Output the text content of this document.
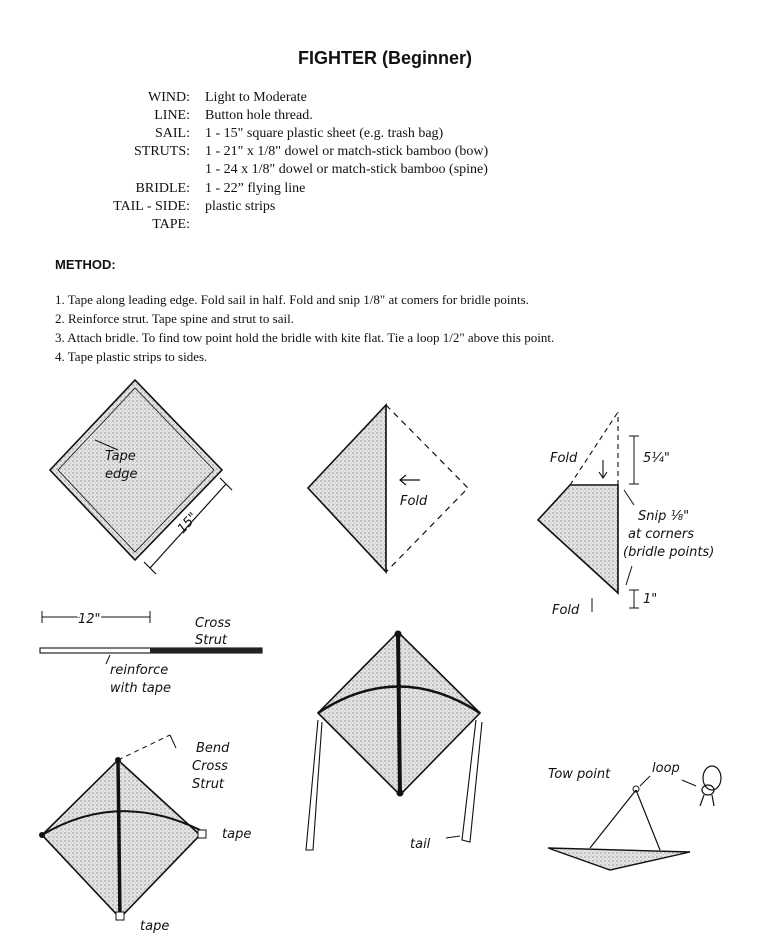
FIGHTER (Beginner)
WIND: Light to Moderate
LINE: Button hole thread.
SAIL: 1 - 15" square plastic sheet (e.g. trash bag)
STRUTS: 1 - 21" x 1/8" dowel or match-stick bamboo (bow)
1 - 24 x 1/8" dowel or match-stick bamboo (spine)
BRIDLE: 1 - 22” flying line
TAIL - SIDE: plastic strips
TAPE:
METHOD:
1. Tape along leading edge. Fold sail in half. Fold and snip 1/8" at comers for bridle points.
2. Reinforce strut. Tape spine and strut to sail.
3. Attach bridle. To find tow point hold the bridle with kite flat. Tie a loop 1/2" above this point.
4. Tape plastic strips to sides.
Tape
edge
15"
Fold
Fold	5¼"
Snip ⅛"
at corners
(bridle points)
1"
Fold
12"	Cross
Strut
reinforce
with tape
tail
Bend
Cross
Strut
tape
tape
Tow point	loop
